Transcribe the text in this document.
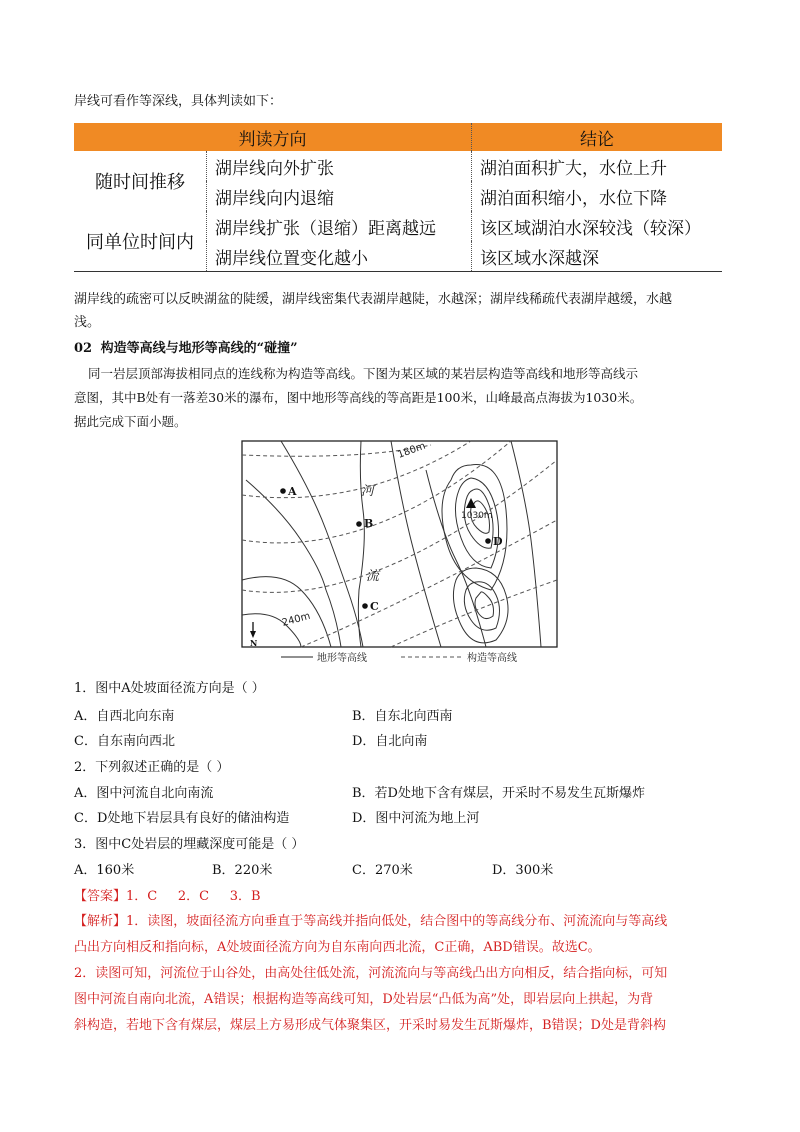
岸线可看作等深线，具体判读如下：
判读方向		结论
随时间推移	湖岸线向外扩张	湖泊面积扩大，水位上升
	湖岸线向内退缩	湖泊面积缩小，水位下降
同单位时间内	湖岸线扩张（退缩）距离越远	该区域湖泊水深较浅（较深）
	湖岸线位置变化越小	该区域水深越深
湖岸线的疏密可以反映湖盆的陡缓，湖岸线密集代表湖岸越陡，水越深；湖岸线稀疏代表湖岸越缓，水越
浅。
02 构造等高线与地形等高线的“碰撞”
同一岩层顶部海拔相同点的连线称为构造等高线。下图为某区域的某岩层构造等高线和地形等高线示
意图，其中B处有一落差30米的瀑布，图中地形等高线的等高距是100米，山峰最高点海拔为1030米。
据此完成下面小题。
180m
240m
1030m
河
流
A
B
C
D
N
地形等高线	构造等高线
1．图中A处坡面径流方向是（ ）
A．自西北向东南	B．自东北向西南
C．自东南向西北	D．自北向南
2．下列叙述正确的是（ ）
A．图中河流自北向南流	B．若D处地下含有煤层，开采时不易发生瓦斯爆炸
C．D处地下岩层具有良好的储油构造	D．图中河流为地上河
3．图中C处岩层的埋藏深度可能是（ ）
A．160米	B．220米	C．270米	D．300米
【答案】1．C     2．C     3．B
【解析】1．读图，坡面径流方向垂直于等高线并指向低处，结合图中的等高线分布、河流流向与等高线
凸出方向相反和指向标，A处坡面径流方向为自东南向西北流，C正确，ABD错误。故选C。
2．读图可知，河流位于山谷处，由高处往低处流，河流流向与等高线凸出方向相反，结合指向标，可知
图中河流自南向北流，A错误；根据构造等高线可知，D处岩层“凸低为高”处，即岩层向上拱起，为背
斜构造，若地下含有煤层，煤层上方易形成气体聚集区，开采时易发生瓦斯爆炸，B错误；D处是背斜构
